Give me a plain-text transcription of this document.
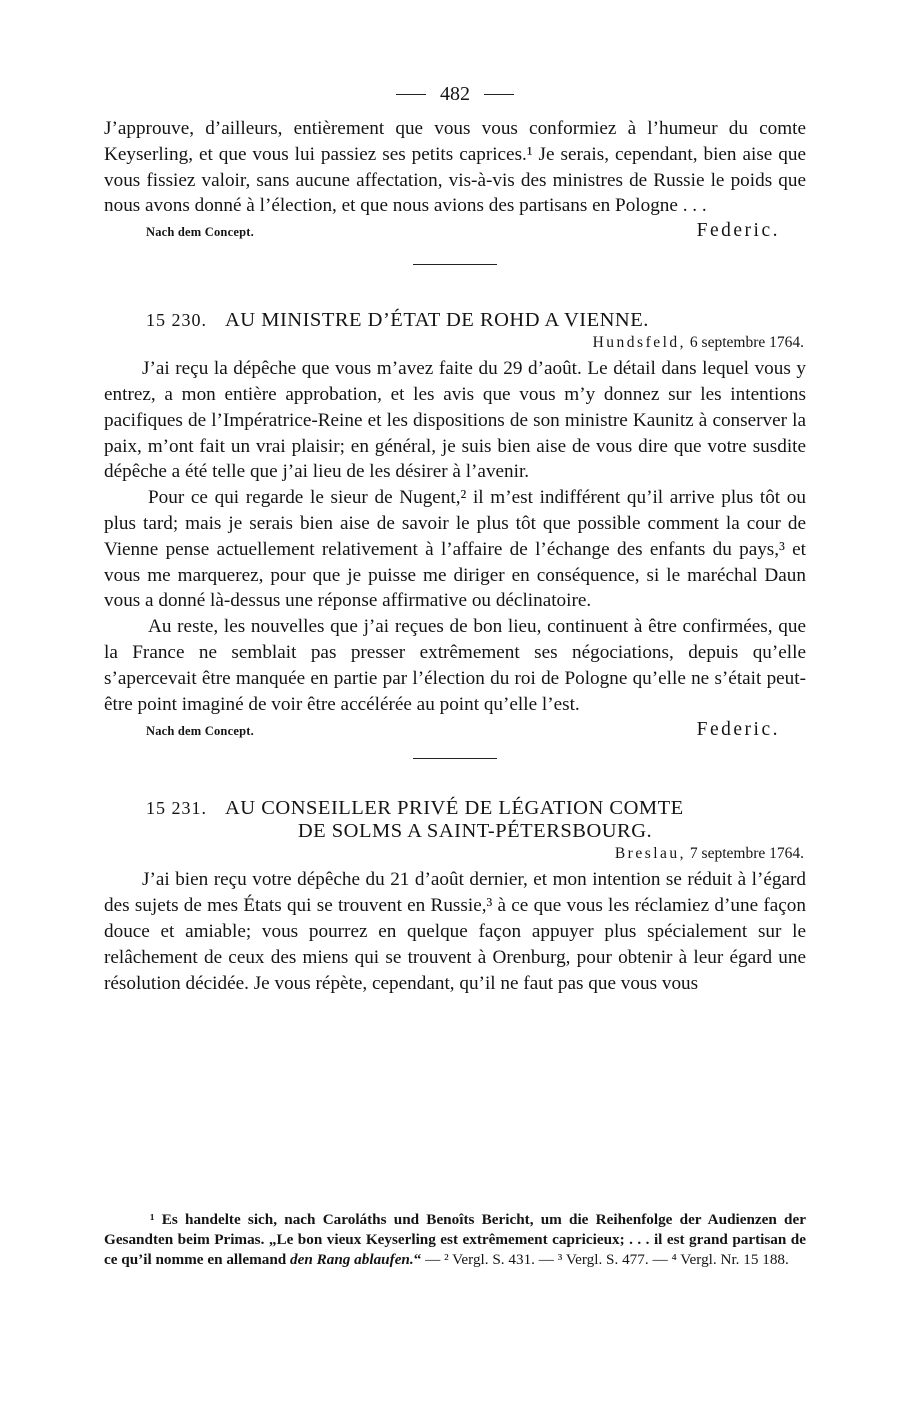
482

J’approuve, d’ailleurs, entièrement que vous vous conformiez à l’humeur du comte Keyserling, et que vous lui passiez ses petits caprices.¹ Je serais, cependant, bien aise que vous fissiez valoir, sans aucune affectation, vis-à-vis des ministres de Russie le poids que nous avons donné à l’élection, et que nous avions des partisans en Pologne . . .

Nach dem Concept.	Federic.
15 230. AU MINISTRE D’ÉTAT DE ROHD A VIENNE.
Hundsfeld, 6 septembre 1764.

J’ai reçu la dépêche que vous m’avez faite du 29 d’août. Le détail dans lequel vous y entrez, a mon entière approbation, et les avis que vous m’y donnez sur les intentions pacifiques de l’Impératrice-Reine et les dispositions de son ministre Kaunitz à conserver la paix, m’ont fait un vrai plaisir; en général, je suis bien aise de vous dire que votre susdite dépêche a été telle que j’ai lieu de les désirer à l’avenir.

Pour ce qui regarde le sieur de Nugent,² il m’est indifférent qu’il arrive plus tôt ou plus tard; mais je serais bien aise de savoir le plus tôt que possible comment la cour de Vienne pense actuellement relativement à l’affaire de l’échange des enfants du pays,³ et vous me marquerez, pour que je puisse me diriger en conséquence, si le maréchal Daun vous a donné là-dessus une réponse affirmative ou déclinatoire.

Au reste, les nouvelles que j’ai reçues de bon lieu, continuent à être confirmées, que la France ne semblait pas presser extrêmement ses négociations, depuis qu’elle s’apercevait être manquée en partie par l’élection du roi de Pologne qu’elle ne s’était peut-être point imaginé de voir être accélérée au point qu’elle l’est.

Nach dem Concept.	Federic.
15 231. AU CONSEILLER PRIVÉ DE LÉGATION COMTE
DE SOLMS A SAINT-PÉTERSBOURG.
Breslau, 7 septembre 1764.

J’ai bien reçu votre dépêche du 21 d’août dernier, et mon intention se réduit à l’égard des sujets de mes États qui se trouvent en Russie,³ à ce que vous les réclamiez d’une façon douce et amiable; vous pourrez en quelque façon appuyer plus spécialement sur le relâchement de ceux des miens qui se trouvent à Orenburg, pour obtenir à leur égard une résolution décidée. Je vous répète, cependant, qu’il ne faut pas que vous vous

¹ Es handelte sich, nach Caroláths und Benoîts Bericht, um die Reihenfolge der Audienzen der Gesandten beim Primas. „Le bon vieux Keyserling est extrêmement capricieux; . . . il est grand partisan de ce qu’il nomme en allemand den Rang ablaufen.“ — ² Vergl. S. 431. — ³ Vergl. S. 477. — ⁴ Vergl. Nr. 15 188.
